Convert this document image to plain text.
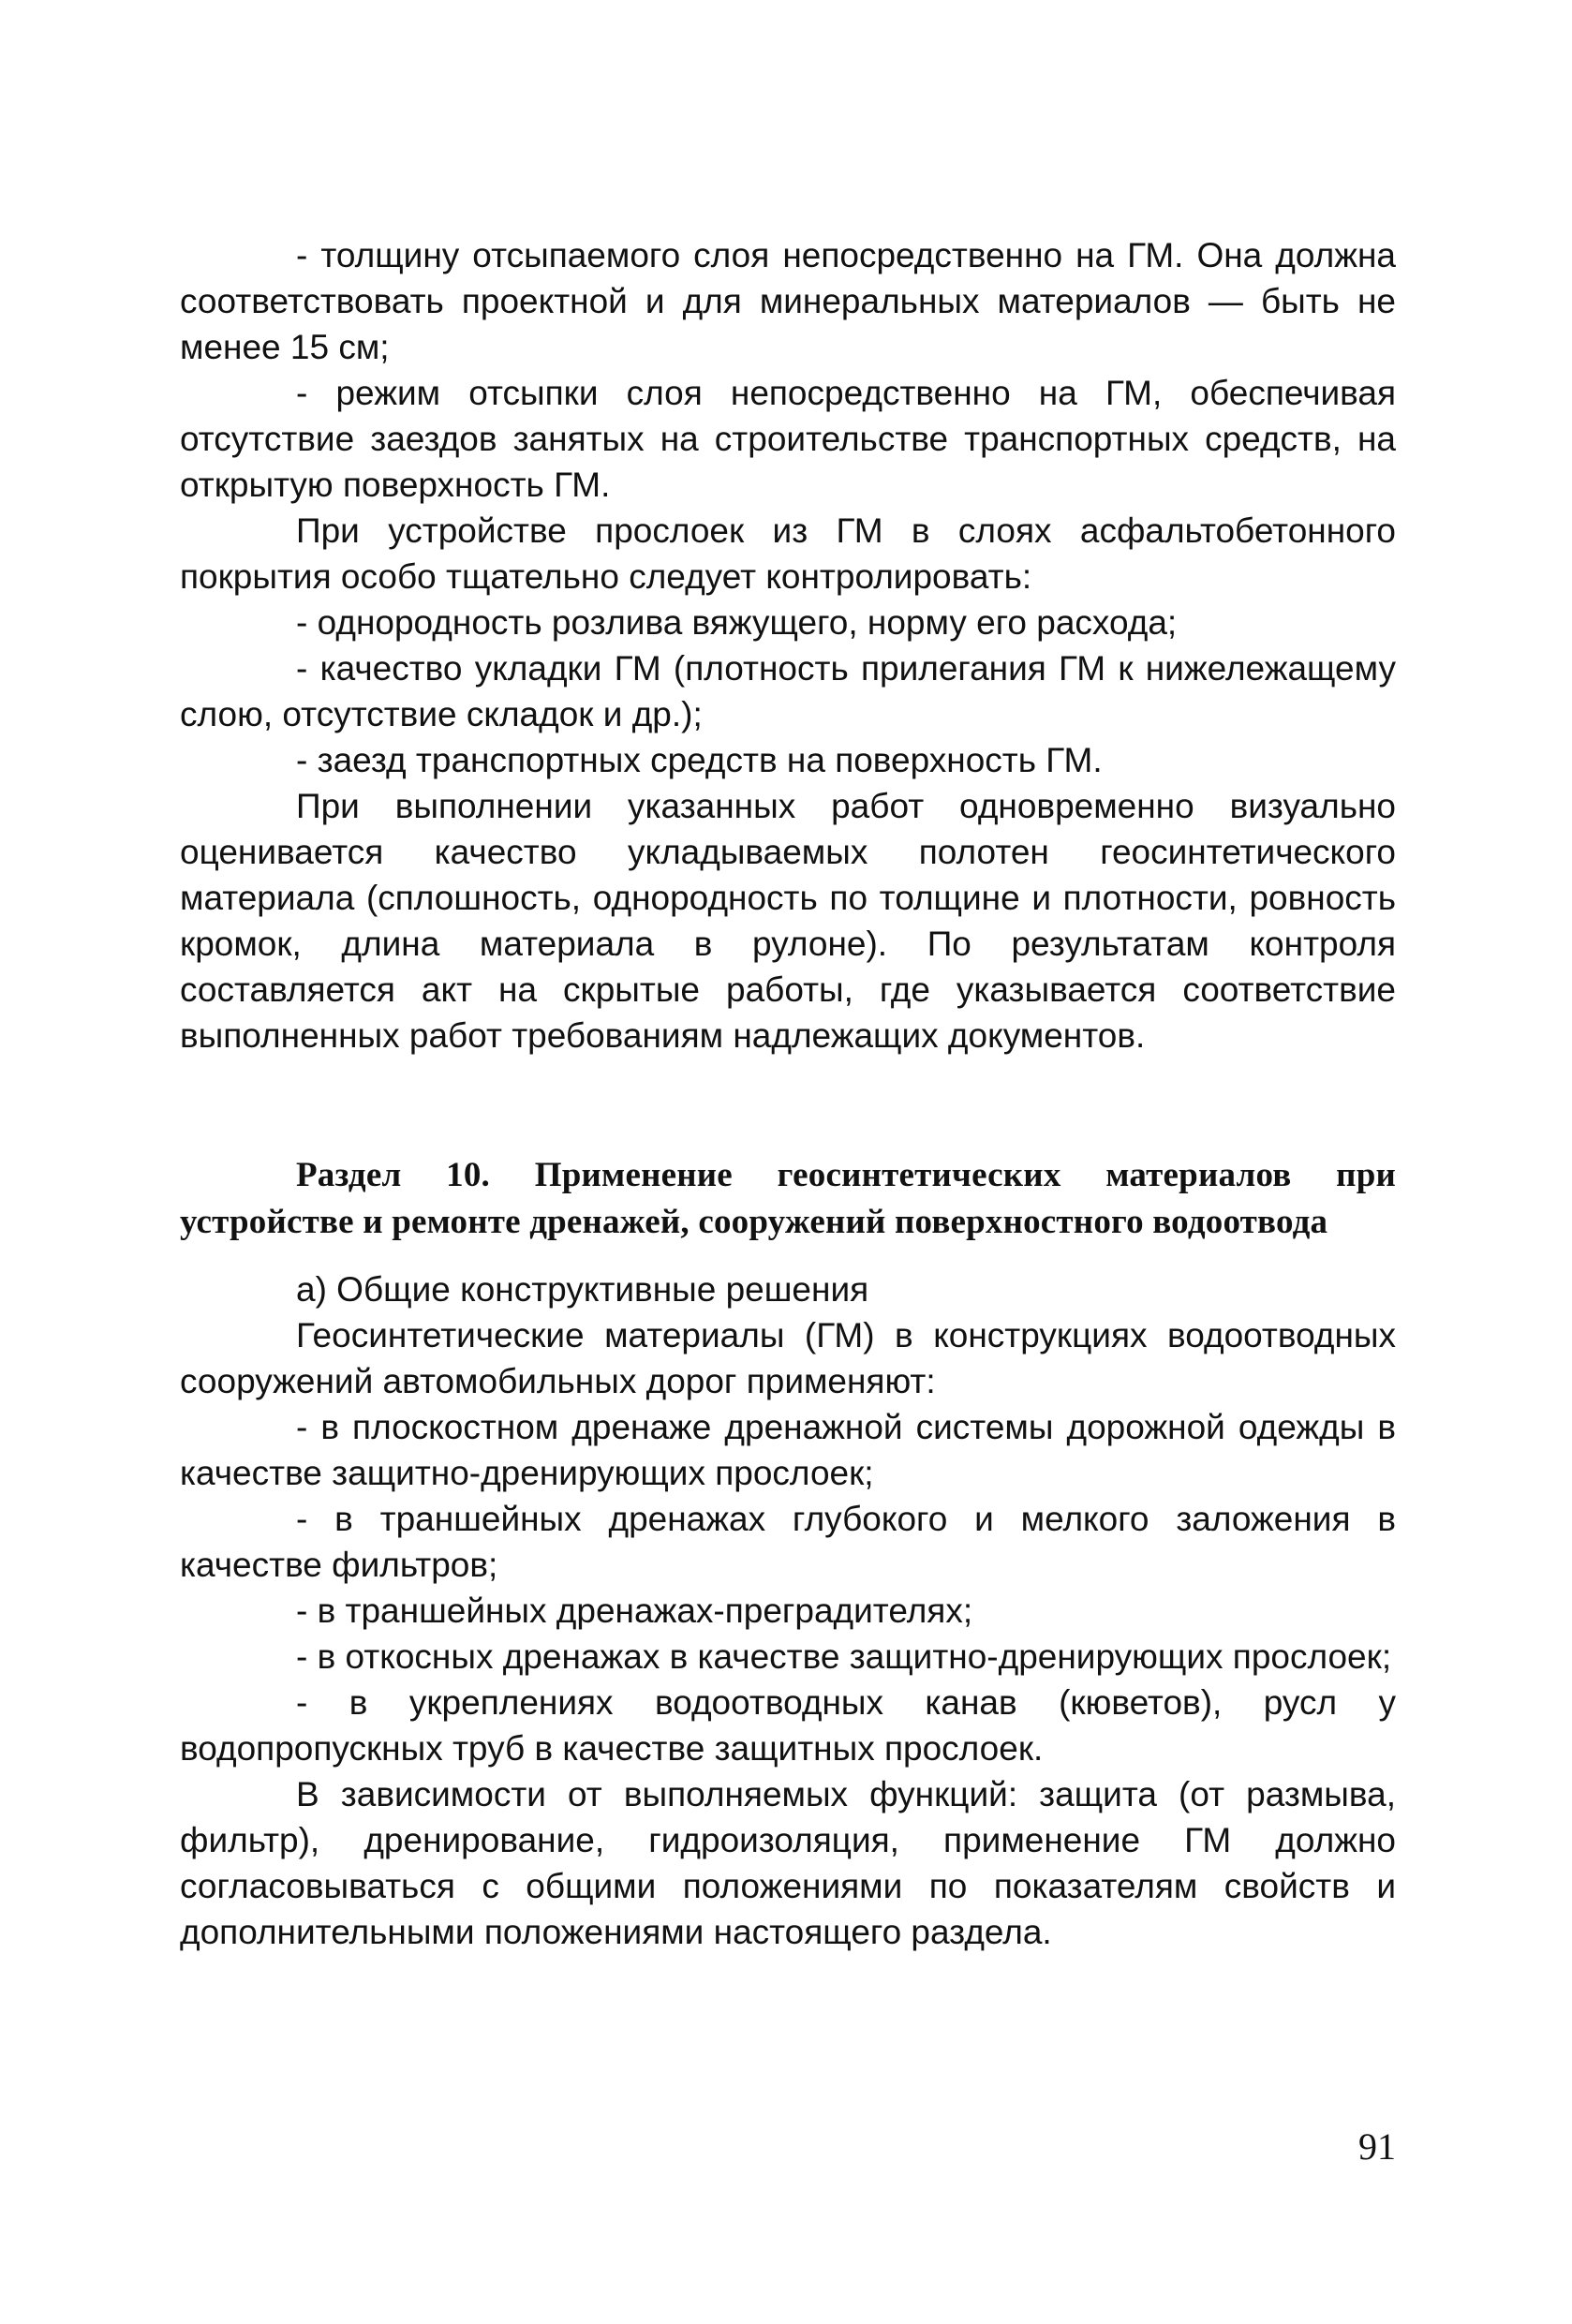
- толщину отсыпаемого слоя непосредственно на ГМ. Она должна соответствовать проектной и для минеральных материалов — быть не менее 15 см;

- режим отсыпки слоя непосредственно на ГМ, обеспечивая отсутствие заездов занятых на строительстве транспортных средств, на открытую поверхность ГМ.

При устройстве прослоек из ГМ в слоях асфальтобетонного покрытия особо тщательно следует контролировать:

- однородность розлива вяжущего, норму его расхода;

- качество укладки ГМ (плотность прилегания ГМ к нижележащему слою, отсутствие складок и др.);

- заезд транспортных средств на поверхность ГМ.

При выполнении указанных работ одновременно визуально оценивается качество укладываемых полотен геосинтетического материала (сплошность, однородность по толщине и плотности, ровность кромок, длина материала в рулоне). По результатам контроля составляется акт на скрытые работы, где указывается соответствие выполненных работ требованиям надлежащих документов.

Раздел 10. Применение геосинтетических материалов при устройстве и ремонте дренажей, сооружений поверхностного водоотвода

а) Общие конструктивные решения

Геосинтетические материалы (ГМ) в конструкциях водоотводных сооружений автомобильных дорог применяют:

- в плоскостном дренаже дренажной системы дорожной одежды в качестве защитно-дренирующих прослоек;

- в траншейных дренажах глубокого и мелкого заложения в качестве фильтров;

- в траншейных дренажах-преградителях;

- в откосных дренажах в качестве защитно-дренирующих прослоек;

- в укреплениях водоотводных канав (кюветов), русл у водопропускных труб в качестве защитных прослоек.

В зависимости от выполняемых функций: защита (от размыва, фильтр), дренирование, гидроизоляция, применение ГМ должно согласовываться с общими положениями по показателям свойств и дополнительными положениями настоящего раздела.

91
